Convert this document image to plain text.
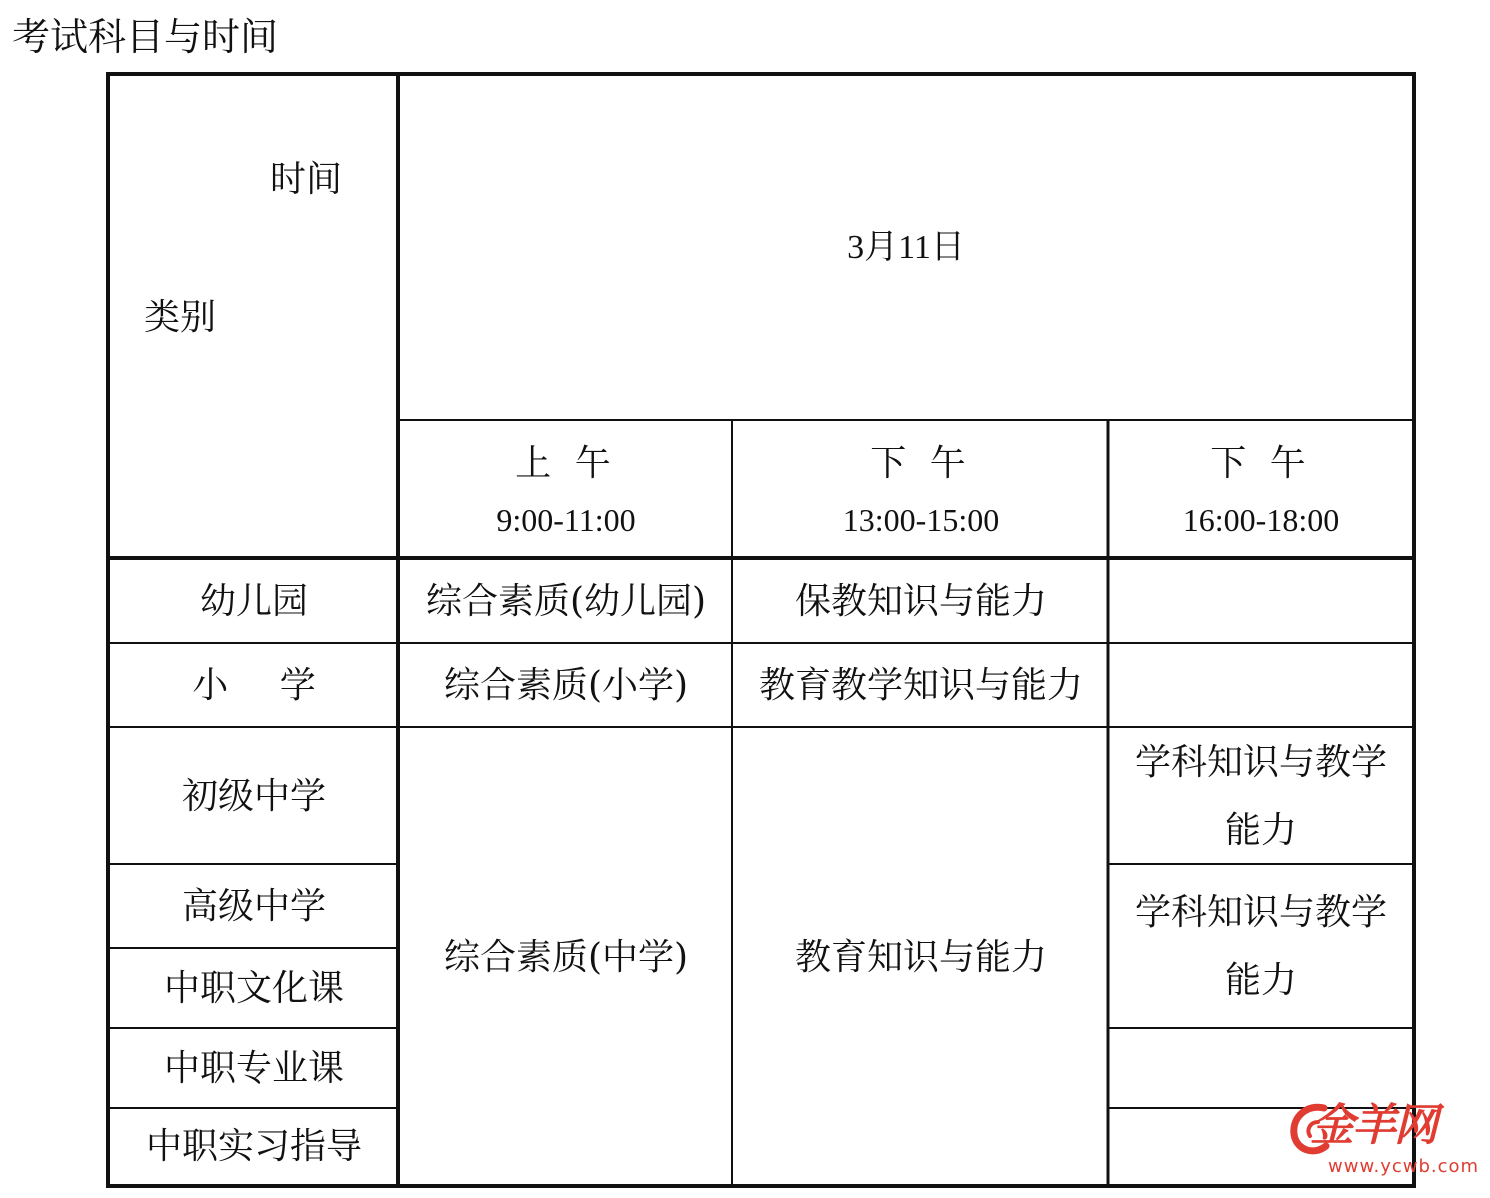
考试科目与时间
时间
类别
3月11日
上 午
9:00-11:00
下 午
13:00-15:00
下 午
16:00-18:00
幼儿园
小 学
初级中学
高级中学
中职文化课
中职专业课
中职实习指导
综合素质(幼儿园) 保教知识与能力
综合素质(小学) 教育教学知识与能力
综合素质(中学)	教育知识与能力
学科知识与教学
能力
学科知识与教学
能力
金羊网
www.ycwb.com
